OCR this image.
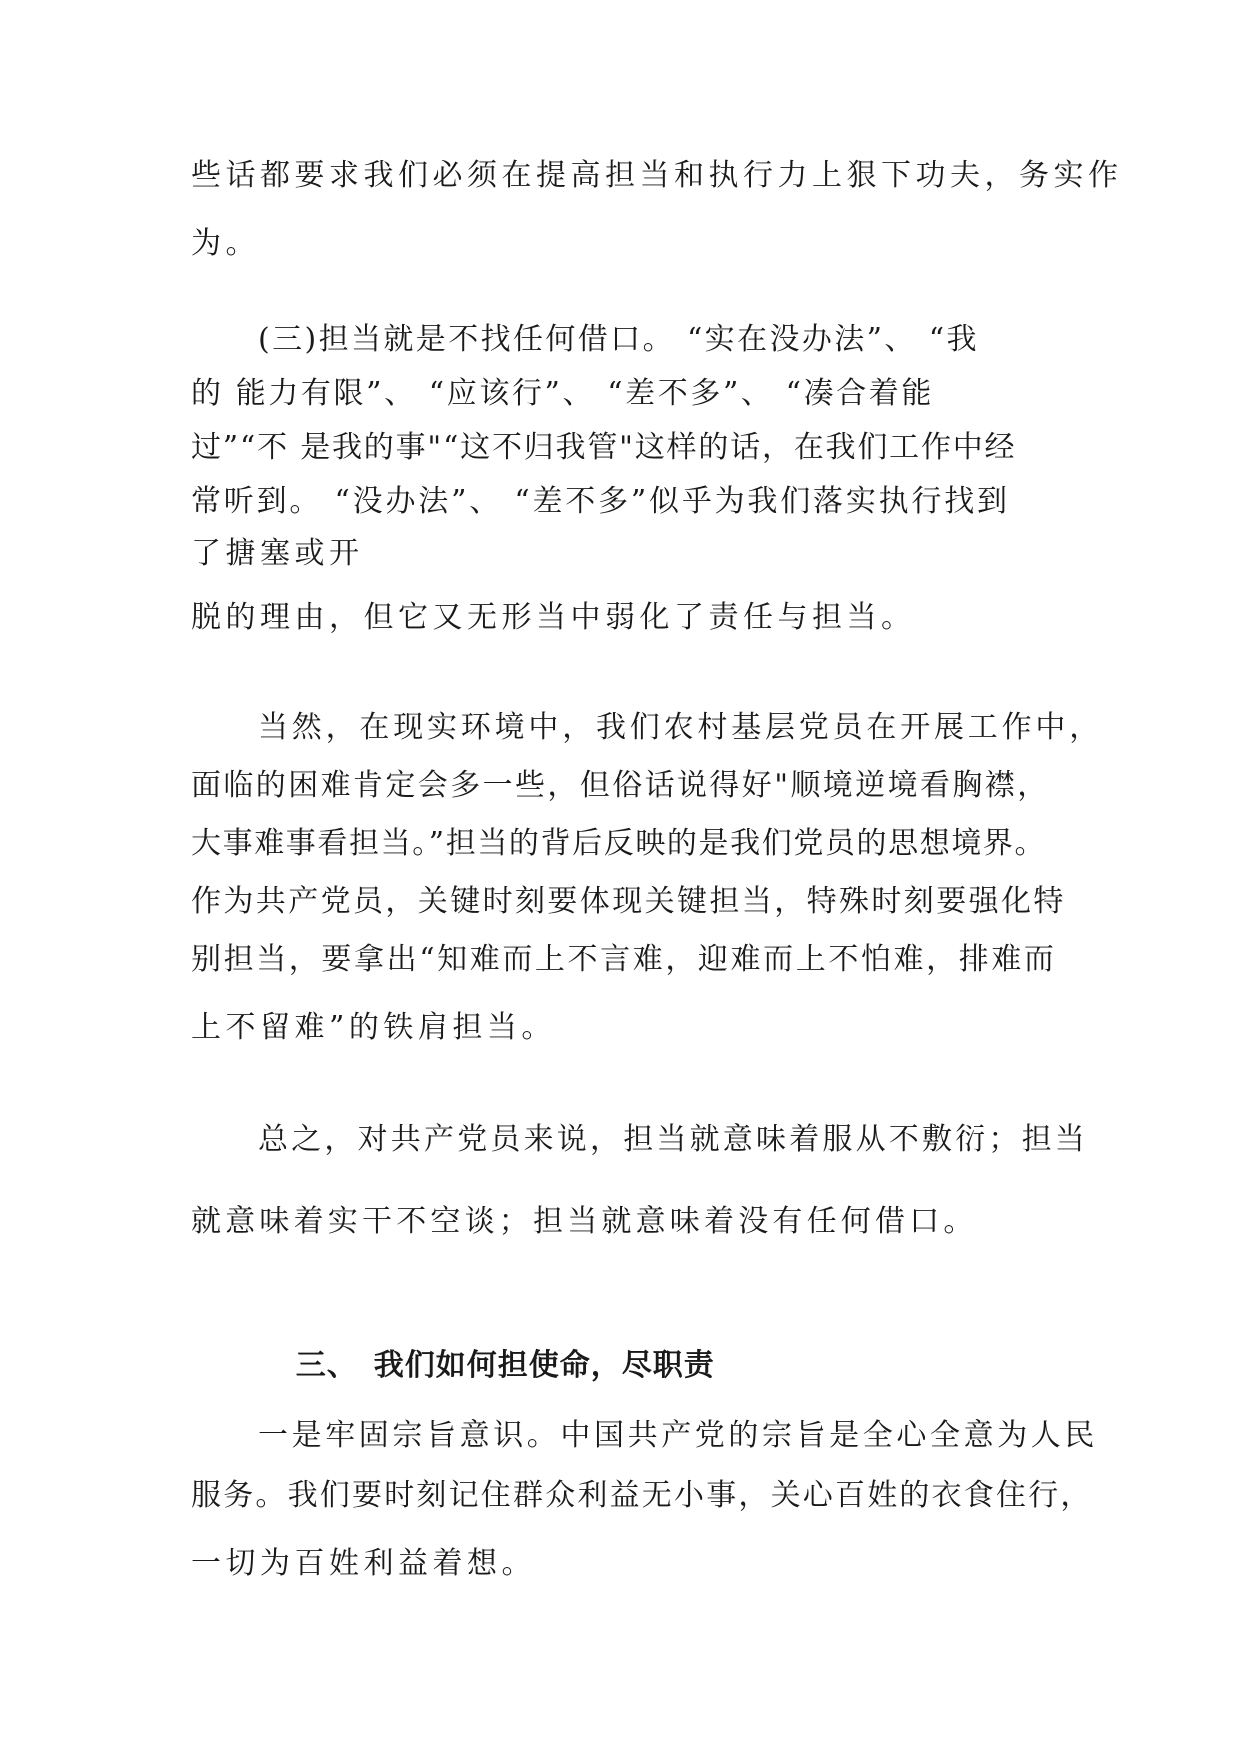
些话都要求我们必须在提高担当和执行力上狠下功夫，务实作
为。
(三)担当就是不找任何借口。 “实在没办法”、 “我
的 能力有限”、 “应该行”、 “差不多”、 “凑合着能
过”“不 是我的事"“这不归我管"这样的话，在我们工作中经
常听到。 “没办法”、 “差不多”似乎为我们落实执行找到
了搪塞或开
脱的理由，但它又无形当中弱化了责任与担当。
当然，在现实环境中，我们农村基层党员在开展工作中，
面临的困难肯定会多一些，但俗话说得好"顺境逆境看胸襟，
大事难事看担当。”担当的背后反映的是我们党员的思想境界。
作为共产党员，关键时刻要体现关键担当，特殊时刻要强化特
别担当，要拿出“知难而上不言难，迎难而上不怕难，排难而
上不留难”的铁肩担当。
总之，对共产党员来说，担当就意味着服从不敷衍；担当
就意味着实干不空谈；担当就意味着没有任何借口。

三、 我们如何担使命，尽职责

一是牢固宗旨意识。中国共产党的宗旨是全心全意为人民
服务。我们要时刻记住群众利益无小事，关心百姓的衣食住行，
一切为百姓利益着想。
